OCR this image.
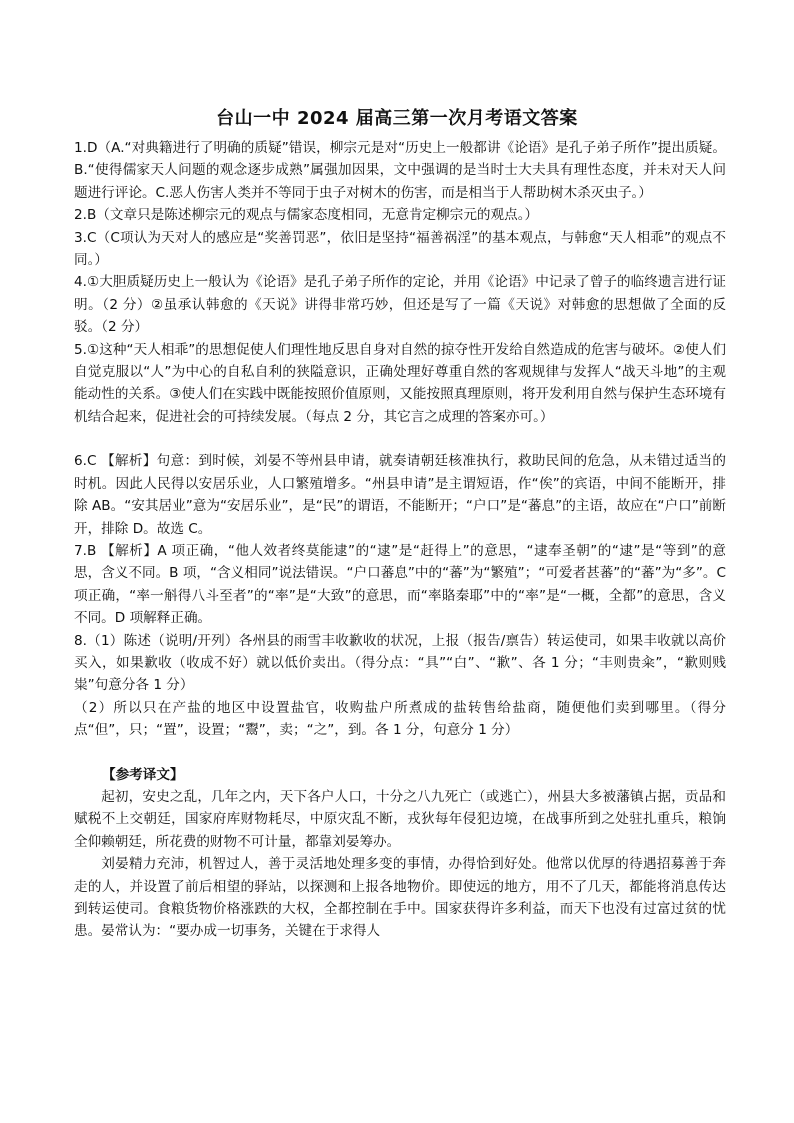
台山一中 2024 届高三第一次月考语文答案

1.D（A.“对典籍进行了明确的质疑”错误，柳宗元是对“历史上一般都讲《论语》是孔子弟子所作”提出质疑。B.“使得儒家天人问题的观念逐步成熟”属强加因果，文中强调的是当时士大夫具有理性态度，并未对天人问题进行评论。C.恶人伤害人类并不等同于虫子对树木的伤害，而是相当于人帮助树木杀灭虫子。）

2.B（文章只是陈述柳宗元的观点与儒家态度相同，无意肯定柳宗元的观点。）

3.C（C项认为天对人的感应是“奖善罚恶”，依旧是坚持“福善祸淫”的基本观点，与韩愈“天人相乖”的观点不同。）

4.①大胆质疑历史上一般认为《论语》是孔子弟子所作的定论，并用《论语》中记录了曾子的临终遗言进行证明。（2 分）②虽承认韩愈的《天说》讲得非常巧妙，但还是写了一篇《天说》对韩愈的思想做了全面的反驳。（2 分）

5.①这种“天人相乖”的思想促使人们理性地反思自身对自然的掠夺性开发给自然造成的危害与破坏。②使人们自觉克服以“人”为中心的自私自利的狭隘意识，正确处理好尊重自然的客观规律与发挥人“战天斗地”的主观能动性的关系。③使人们在实践中既能按照价值原则，又能按照真理原则，将开发利用自然与保护生态环境有机结合起来，促进社会的可持续发展。（每点 2 分，其它言之成理的答案亦可。）

6.C 【解析】句意：到时候，刘晏不等州县申请，就奏请朝廷核准执行，救助民间的危急，从未错过适当的时机。因此人民得以安居乐业，人口繁殖增多。“州县申请”是主谓短语，作“俟”的宾语，中间不能断开，排除 AB。“安其居业”意为“安居乐业”，是“民”的谓语，不能断开；“户口”是“蕃息”的主语，故应在“户口”前断开，排除 D。故选 C。

7.B 【解析】A 项正确，“他人效者终莫能逮”的“逮”是“赶得上”的意思，“逮奉圣朝”的“逮”是“等到”的意思，含义不同。B 项，“含义相同”说法错误。“户口蕃息”中的“蕃”为“繁殖”；“可爱者甚蕃”的“蕃”为“多”。C 项正确，“率一斛得八斗至者”的“率”是“大致”的意思，而“率賂秦耶”中的“率”是“一概，全都”的意思，含义不同。D 项解释正确。

8.（1）陈述（说明/开列）各州县的雨雪丰收歉收的状况，上报（报告/禀告）转运使司，如果丰收就以高价买入，如果歉收（收成不好）就以低价卖出。（得分点：“具”“白”、“歉”、各 1 分；“丰则贵籴”，“歉则贱粜”句意分各 1 分）

（2）所以只在产盐的地区中设置盐官，收购盐户所煮成的盐转售给盐商，随便他们卖到哪里。（得分点“但”，只；“置”，设置；“鬻”，卖；“之”，到。各 1 分，句意分 1 分）

【参考译文】

起初，安史之乱，几年之内，天下各户人口，十分之八九死亡（或逃亡），州县大多被藩镇占据，贡品和赋税不上交朝廷，国家府库财物耗尽，中原灾乱不断，戎狄每年侵犯边境，在战事所到之处驻扎重兵，粮饷全仰赖朝廷，所花费的财物不可计量，都靠刘晏筹办。

刘晏精力充沛，机智过人，善于灵活地处理多变的事情，办得恰到好处。他常以优厚的待遇招募善于奔走的人，并设置了前后相望的驿站，以探测和上报各地物价。即使远的地方，用不了几天，都能将消息传达到转运使司。食粮货物价格涨跌的大权，全都控制在手中。国家获得许多利益，而天下也没有过富过贫的忧患。晏常认为：“要办成一切事务，关键在于求得人
